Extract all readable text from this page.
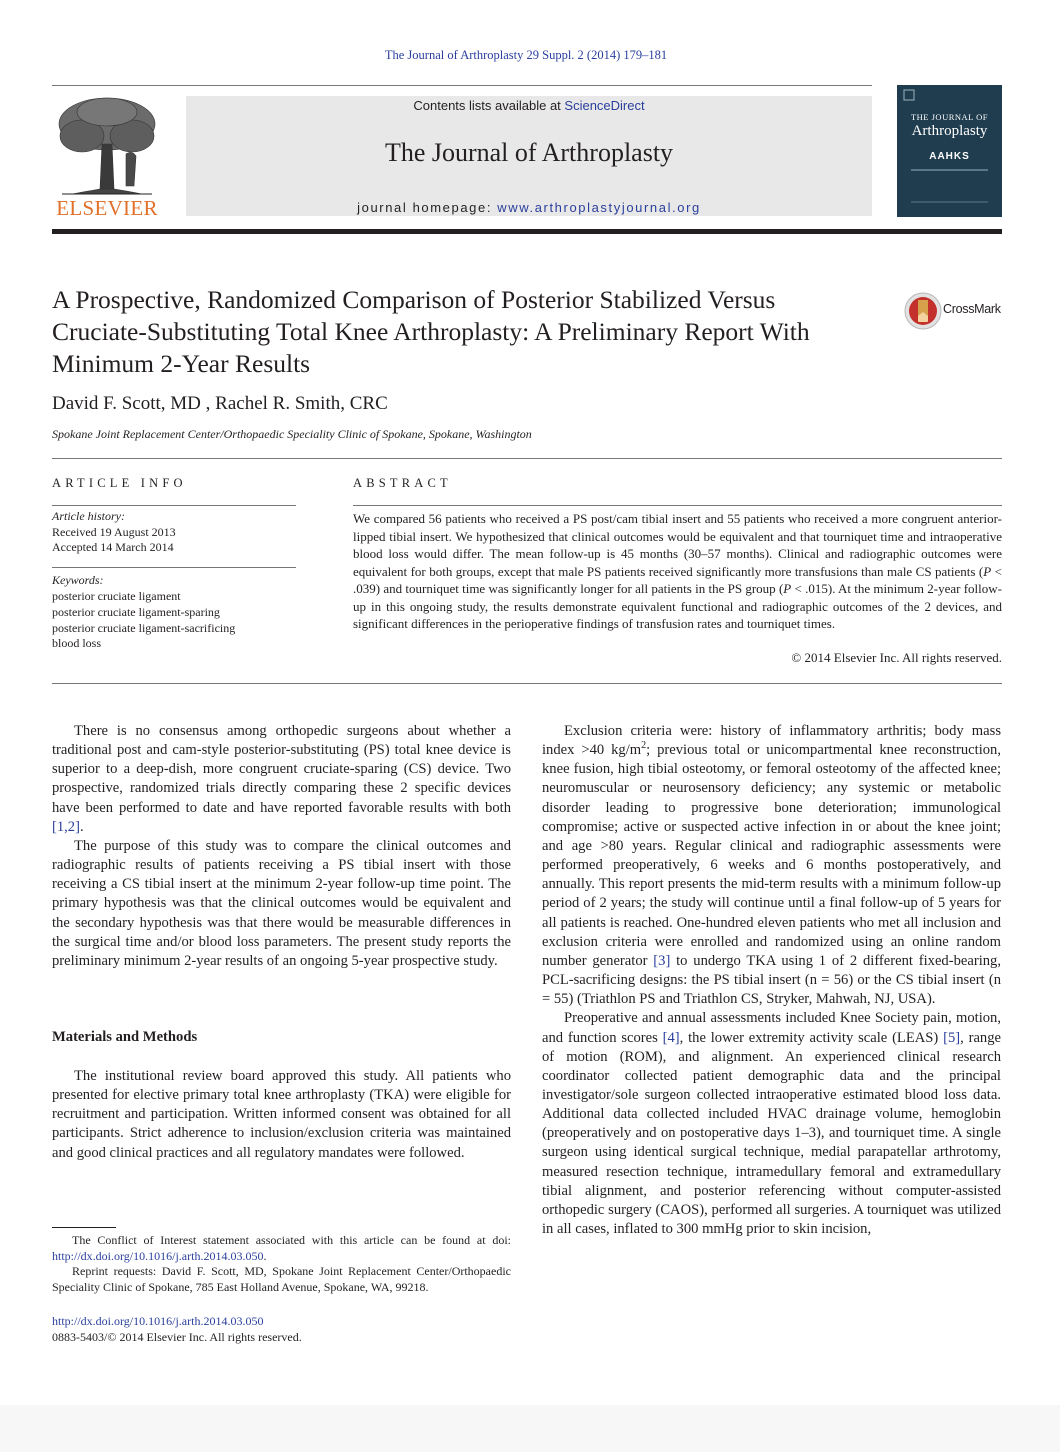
The Journal of Arthroplasty 29 Suppl. 2 (2014) 179–181
ELSEVIER
Contents lists available at ScienceDirect
The Journal of Arthroplasty
journal homepage: www.arthroplastyjournal.org
THE JOURNAL OF
Arthroplasty
AAHKS
A Prospective, Randomized Comparison of Posterior Stabilized Versus Cruciate-Substituting Total Knee Arthroplasty: A Preliminary Report With Minimum 2-Year Results
CrossMark
David F. Scott, MD , Rachel R. Smith, CRC
Spokane Joint Replacement Center/Orthopaedic Speciality Clinic of Spokane, Spokane, Washington
ARTICLE INFO
Article history:
Received 19 August 2013
Accepted 14 March 2014
Keywords:
posterior cruciate ligament
posterior cruciate ligament-sparing
posterior cruciate ligament-sacrificing
blood loss
ABSTRACT
We compared 56 patients who received a PS post/cam tibial insert and 55 patients who received a more congruent anterior-lipped tibial insert. We hypothesized that clinical outcomes would be equivalent and that tourniquet time and intraoperative blood loss would differ. The mean follow-up is 45 months (30–57 months). Clinical and radiographic outcomes were equivalent for both groups, except that male PS patients received significantly more transfusions than male CS patients (P < .039) and tourniquet time was significantly longer for all patients in the PS group (P < .015). At the minimum 2-year follow-up in this ongoing study, the results demonstrate equivalent functional and radiographic outcomes of the 2 devices, and significant differences in the perioperative findings of transfusion rates and tourniquet times.
© 2014 Elsevier Inc. All rights reserved.

There is no consensus among orthopedic surgeons about whether a traditional post and cam-style posterior-substituting (PS) total knee device is superior to a deep-dish, more congruent cruciate-sparing (CS) device. Two prospective, randomized trials directly comparing these 2 specific devices have been performed to date and have reported favorable results with both [1,2].

The purpose of this study was to compare the clinical outcomes and radiographic results of patients receiving a PS tibial insert with those receiving a CS tibial insert at the minimum 2-year follow-up time point. The primary hypothesis was that the clinical outcomes would be equivalent and the secondary hypothesis was that there would be measurable differences in the surgical time and/or blood loss parameters. The present study reports the preliminary minimum 2-year results of an ongoing 5-year prospective study.

Materials and Methods

The institutional review board approved this study. All patients who presented for elective primary total knee arthroplasty (TKA) were eligible for recruitment and participation. Written informed consent was obtained for all participants. Strict adherence to inclusion/exclusion criteria was maintained and good clinical practices and all regulatory mandates were followed.

Exclusion criteria were: history of inflammatory arthritis; body mass index >40 $kg/m^2$; previous total or unicompartmental knee reconstruction, knee fusion, high tibial osteotomy, or femoral osteotomy of the affected knee; neuromuscular or neurosensory deficiency; any systemic or metabolic disorder leading to progressive bone deterioration; immunological compromise; active or suspected active infection in or about the knee joint; and age >80 years. Regular clinical and radiographic assessments were performed preoperatively, 6 weeks and 6 months postoperatively, and annually. This report presents the mid-term results with a minimum follow-up period of 2 years; the study will continue until a final follow-up of 5 years for all patients is reached. One-hundred eleven patients who met all inclusion and exclusion criteria were enrolled and randomized using an online random number generator [3] to undergo TKA using 1 of 2 different fixed-bearing, PCL-sacrificing designs: the PS tibial insert (n = 56) or the CS tibial insert (n = 55) (Triathlon PS and Triathlon CS, Stryker, Mahwah, NJ, USA).

Preoperative and annual assessments included Knee Society pain, motion, and function scores [4], the lower extremity activity scale (LEAS) [5], range of motion (ROM), and alignment. An experienced clinical research coordinator collected patient demographic data and the principal investigator/sole surgeon collected intraoperative estimated blood loss data. Additional data collected included HVAC drainage volume, hemoglobin (preoperatively and on postoperative days 1–3), and tourniquet time. A single surgeon using identical surgical technique, medial parapatellar arthrotomy, measured resection technique, intramedullary femoral and extramedullary tibial alignment, and posterior referencing without computer-assisted orthopedic surgery (CAOS), performed all surgeries. A tourniquet was utilized in all cases, inflated to 300 mmHg prior to skin incision,

The Conflict of Interest statement associated with this article can be found at doi: http://dx.doi.org/10.1016/j.arth.2014.03.050.
Reprint requests: David F. Scott, MD, Spokane Joint Replacement Center/Orthopaedic Speciality Clinic of Spokane, 785 East Holland Avenue, Spokane, WA, 99218.
http://dx.doi.org/10.1016/j.arth.2014.03.050
0883-5403/© 2014 Elsevier Inc. All rights reserved.
